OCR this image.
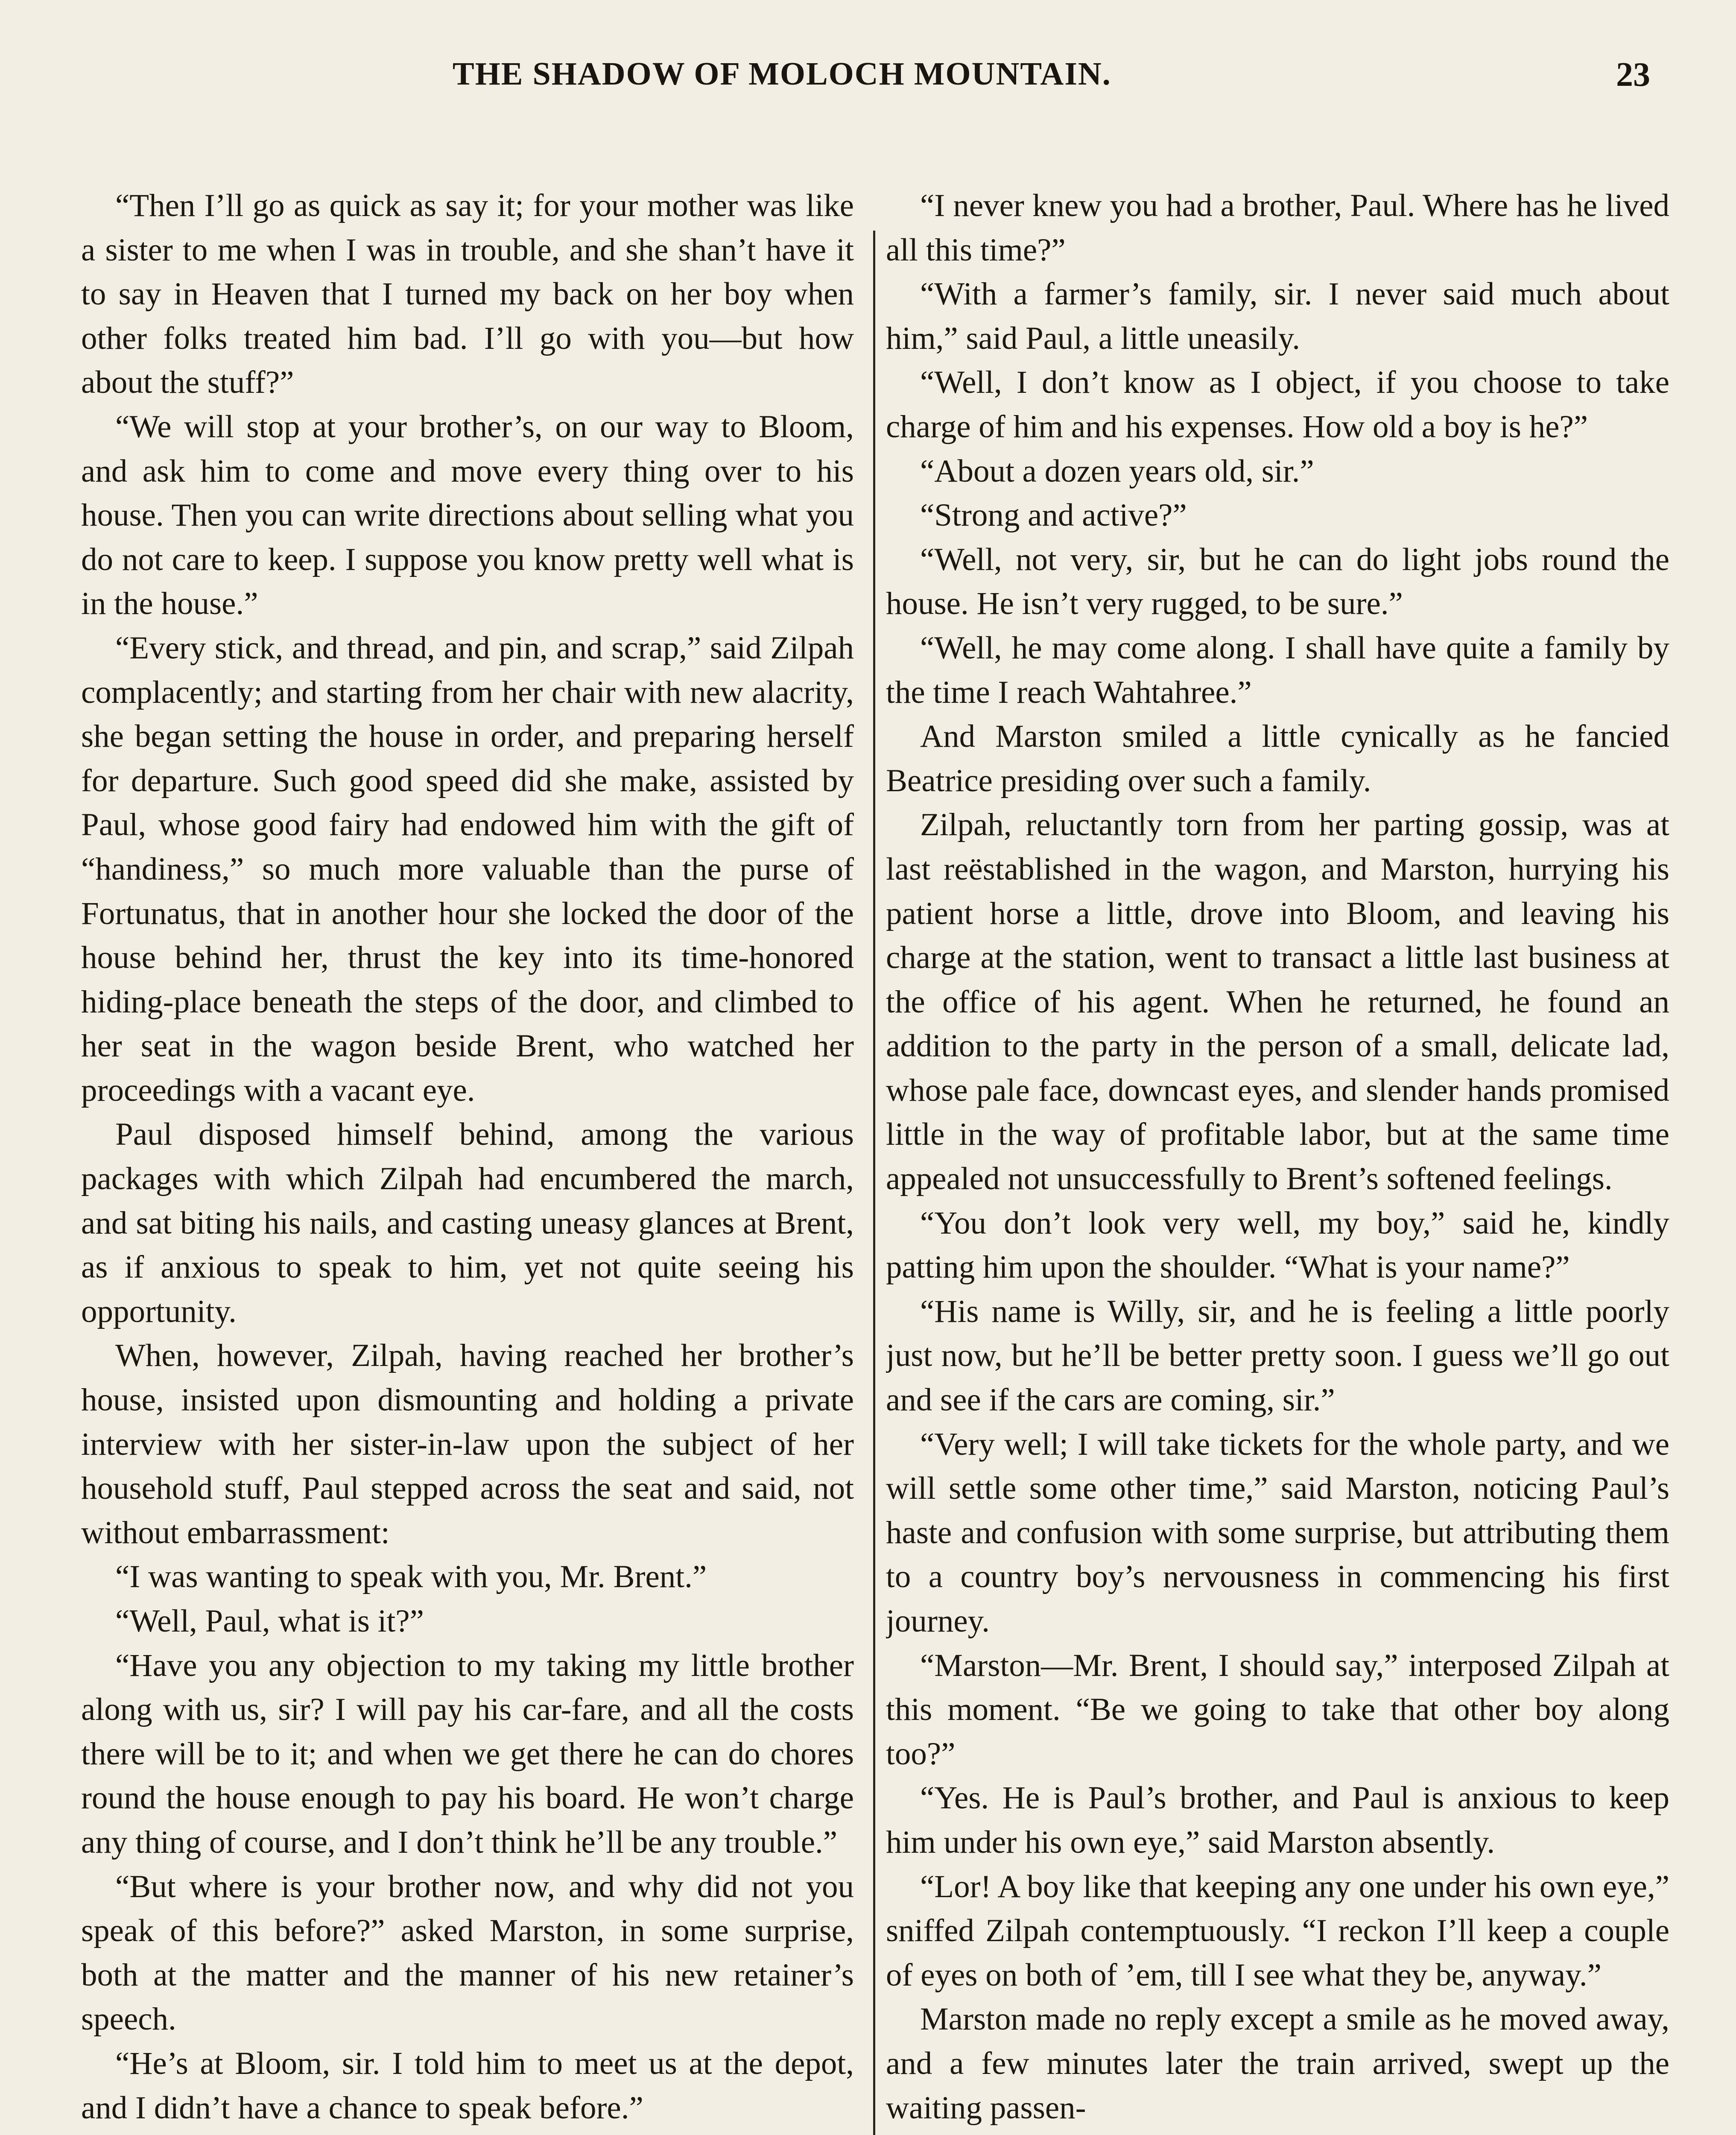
THE SHADOW OF MOLOCH MOUNTAIN.	23

“Then I’ll go as quick as say it; for your mother was like a sister to me when I was in trouble, and she shan’t have it to say in Heaven that I turned my back on her boy when other folks treated him bad. I’ll go with you—but how about the stuff?”

“We will stop at your brother’s, on our way to Bloom, and ask him to come and move every thing over to his house. Then you can write directions about selling what you do not care to keep. I suppose you know pretty well what is in the house.”

“Every stick, and thread, and pin, and scrap,” said Zilpah complacently; and starting from her chair with new alacrity, she began setting the house in order, and preparing herself for departure. Such good speed did she make, assisted by Paul, whose good fairy had endowed him with the gift of “handiness,” so much more valuable than the purse of Fortunatus, that in another hour she locked the door of the house behind her, thrust the key into its time-honored hiding-place beneath the steps of the door, and climbed to her seat in the wagon beside Brent, who watched her proceedings with a vacant eye.

Paul disposed himself behind, among the various packages with which Zilpah had encumbered the march, and sat biting his nails, and casting uneasy glances at Brent, as if anxious to speak to him, yet not quite seeing his opportunity.

When, however, Zilpah, having reached her brother’s house, insisted upon dismounting and holding a private interview with her sister-in-law upon the subject of her household stuff, Paul stepped across the seat and said, not without embarrassment:

“I was wanting to speak with you, Mr. Brent.”

“Well, Paul, what is it?”

“Have you any objection to my taking my little brother along with us, sir? I will pay his car-fare, and all the costs there will be to it; and when we get there he can do chores round the house enough to pay his board. He won’t charge any thing of course, and I don’t think he’ll be any trouble.”

“But where is your brother now, and why did not you speak of this before?” asked Marston, in some surprise, both at the matter and the manner of his new retainer’s speech.

“He’s at Bloom, sir. I told him to meet us at the depot, and I didn’t have a chance to speak before.”

“I never knew you had a brother, Paul. Where has he lived all this time?”

“With a farmer’s family, sir. I never said much about him,” said Paul, a little uneasily.

“Well, I don’t know as I object, if you choose to take charge of him and his expenses. How old a boy is he?”

“About a dozen years old, sir.”

“Strong and active?”

“Well, not very, sir, but he can do light jobs round the house. He isn’t very rugged, to be sure.”

“Well, he may come along. I shall have quite a family by the time I reach Wahtahree.”

And Marston smiled a little cynically as he fancied Beatrice presiding over such a family.

Zilpah, reluctantly torn from her parting gossip, was at last reëstablished in the wagon, and Marston, hurrying his patient horse a little, drove into Bloom, and leaving his charge at the station, went to transact a little last business at the office of his agent. When he returned, he found an addition to the party in the person of a small, delicate lad, whose pale face, downcast eyes, and slender hands promised little in the way of profitable labor, but at the same time appealed not unsuccessfully to Brent’s softened feelings.

“You don’t look very well, my boy,” said he, kindly patting him upon the shoulder. “What is your name?”

“His name is Willy, sir, and he is feeling a little poorly just now, but he’ll be better pretty soon. I guess we’ll go out and see if the cars are coming, sir.”

“Very well; I will take tickets for the whole party, and we will settle some other time,” said Marston, noticing Paul’s haste and confusion with some surprise, but attributing them to a country boy’s nervousness in commencing his first journey.

“Marston—Mr. Brent, I should say,” interposed Zilpah at this moment. “Be we going to take that other boy along too?”

“Yes. He is Paul’s brother, and Paul is anxious to keep him under his own eye,” said Marston absently.

“Lor! A boy like that keeping any one under his own eye,” sniffed Zilpah contemptuously. “I reckon I’ll keep a couple of eyes on both of ’em, till I see what they be, anyway.”

Marston made no reply except a smile as he moved away, and a few minutes later the train arrived, swept up the waiting passen-
